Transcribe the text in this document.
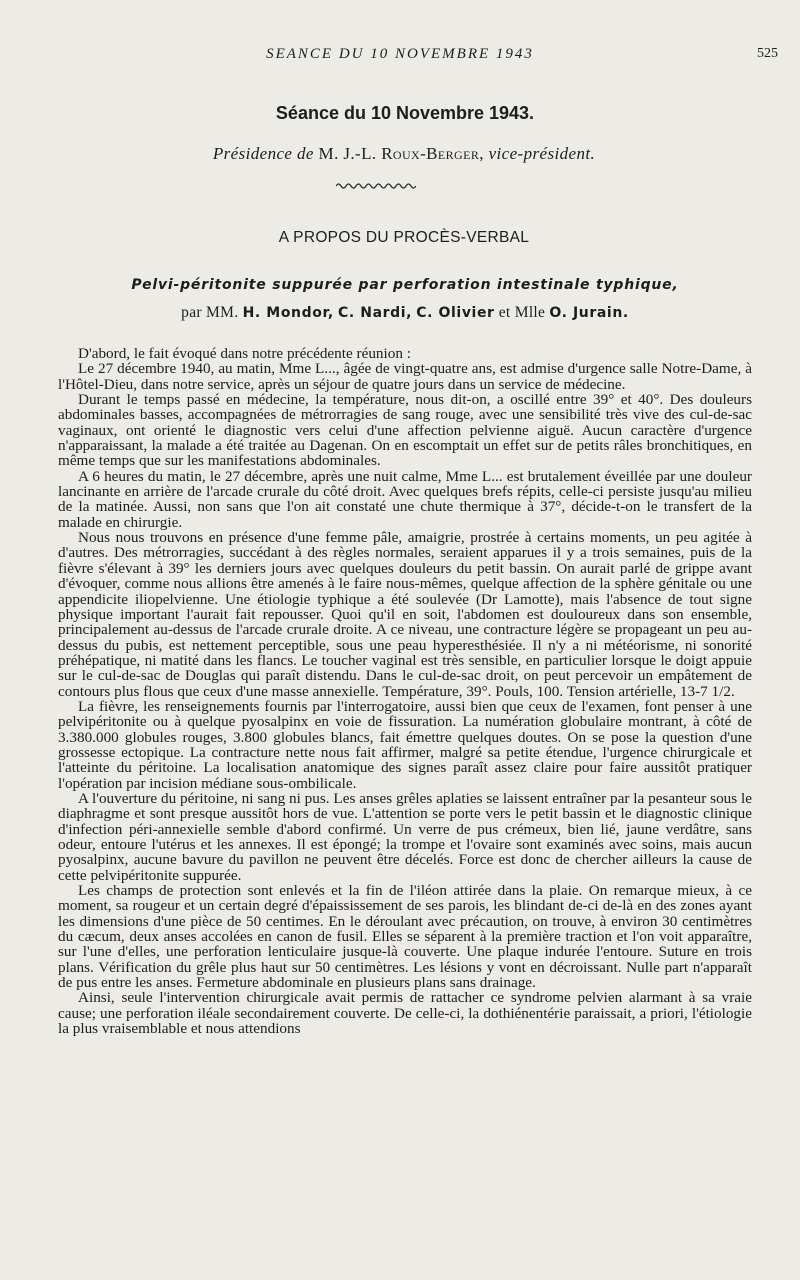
SEANCE DU 10 NOVEMBRE 1943	525
Séance du 10 Novembre 1943.
Présidence de M. J.-L. Roux-Berger, vice-président.
A PROPOS DU PROCÈS-VERBAL
Pelvi-péritonite suppurée par perforation intestinale typhique,
par MM. H. Mondor, C. Nardi, C. Olivier et Mlle O. Jurain.

D'abord, le fait évoqué dans notre précédente réunion :

Le 27 décembre 1940, au matin, Mme L..., âgée de vingt-quatre ans, est admise d'urgence salle Notre-Dame, à l'Hôtel-Dieu, dans notre service, après un séjour de quatre jours dans un service de médecine.

Durant le temps passé en médecine, la température, nous dit-on, a oscillé entre 39° et 40°. Des douleurs abdominales basses, accompagnées de métrorragies de sang rouge, avec une sensibilité très vive des cul-de-sac vaginaux, ont orienté le diagnostic vers celui d'une affection pelvienne aiguë. Aucun caractère d'urgence n'apparaissant, la malade a été traitée au Dagenan. On en escomptait un effet sur de petits râles bronchitiques, en même temps que sur les manifestations abdominales.

A 6 heures du matin, le 27 décembre, après une nuit calme, Mme L... est brutalement éveillée par une douleur lancinante en arrière de l'arcade crurale du côté droit. Avec quelques brefs répits, celle-ci persiste jusqu'au milieu de la matinée. Aussi, non sans que l'on ait constaté une chute thermique à 37°, décide-t-on le transfert de la malade en chirurgie.

Nous nous trouvons en présence d'une femme pâle, amaigrie, prostrée à certains moments, un peu agitée à d'autres. Des métrorragies, succédant à des règles normales, seraient apparues il y a trois semaines, puis de la fièvre s'élevant à 39° les derniers jours avec quelques douleurs du petit bassin. On aurait parlé de grippe avant d'évoquer, comme nous allions être amenés à le faire nous-mêmes, quelque affection de la sphère génitale ou une appendicite iliopelvienne. Une étiologie typhique a été soulevée (Dr Lamotte), mais l'absence de tout signe physique important l'aurait fait repousser. Quoi qu'il en soit, l'abdomen est douloureux dans son ensemble, principalement au-dessus de l'arcade crurale droite. A ce niveau, une contracture légère se propageant un peu au-dessus du pubis, est nettement perceptible, sous une peau hyperesthésiée. Il n'y a ni météorisme, ni sonorité préhépatique, ni matité dans les flancs. Le toucher vaginal est très sensible, en particulier lorsque le doigt appuie sur le cul-de-sac de Douglas qui paraît distendu. Dans le cul-de-sac droit, on peut percevoir un empâtement de contours plus flous que ceux d'une masse annexielle. Température, 39°. Pouls, 100. Tension artérielle, 13-7 1/2.

La fièvre, les renseignements fournis par l'interrogatoire, aussi bien que ceux de l'examen, font penser à une pelvipéritonite ou à quelque pyosalpinx en voie de fissuration. La numération globulaire montrant, à côté de 3.380.000 globules rouges, 3.800 globules blancs, fait émettre quelques doutes. On se pose la question d'une grossesse ectopique. La contracture nette nous fait affirmer, malgré sa petite étendue, l'urgence chirurgicale et l'atteinte du péritoine. La localisation anatomique des signes paraît assez claire pour faire aussitôt pratiquer l'opération par incision médiane sous-ombilicale.

A l'ouverture du péritoine, ni sang ni pus. Les anses grêles aplaties se laissent entraîner par la pesanteur sous le diaphragme et sont presque aussitôt hors de vue. L'attention se porte vers le petit bassin et le diagnostic clinique d'infection péri-annexielle semble d'abord confirmé. Un verre de pus crémeux, bien lié, jaune verdâtre, sans odeur, entoure l'utérus et les annexes. Il est épongé; la trompe et l'ovaire sont examinés avec soins, mais aucun pyosalpinx, aucune bavure du pavillon ne peuvent être décelés. Force est donc de chercher ailleurs la cause de cette pelvipéritonite suppurée.

Les champs de protection sont enlevés et la fin de l'iléon attirée dans la plaie. On remarque mieux, à ce moment, sa rougeur et un certain degré d'épaississement de ses parois, les blindant de-ci de-là en des zones ayant les dimensions d'une pièce de 50 centimes. En le déroulant avec précaution, on trouve, à environ 30 centimètres du cæcum, deux anses accolées en canon de fusil. Elles se séparent à la première traction et l'on voit apparaître, sur l'une d'elles, une perforation lenticulaire jusque-là couverte. Une plaque indurée l'entoure. Suture en trois plans. Vérification du grêle plus haut sur 50 centimètres. Les lésions y vont en décroissant. Nulle part n'apparaît de pus entre les anses. Fermeture abdominale en plusieurs plans sans drainage.

Ainsi, seule l'intervention chirurgicale avait permis de rattacher ce syndrome pelvien alarmant à sa vraie cause; une perforation iléale secondairement couverte. De celle-ci, la dothiénentérie paraissait, a priori, l'étiologie la plus vraisemblable et nous attendions
